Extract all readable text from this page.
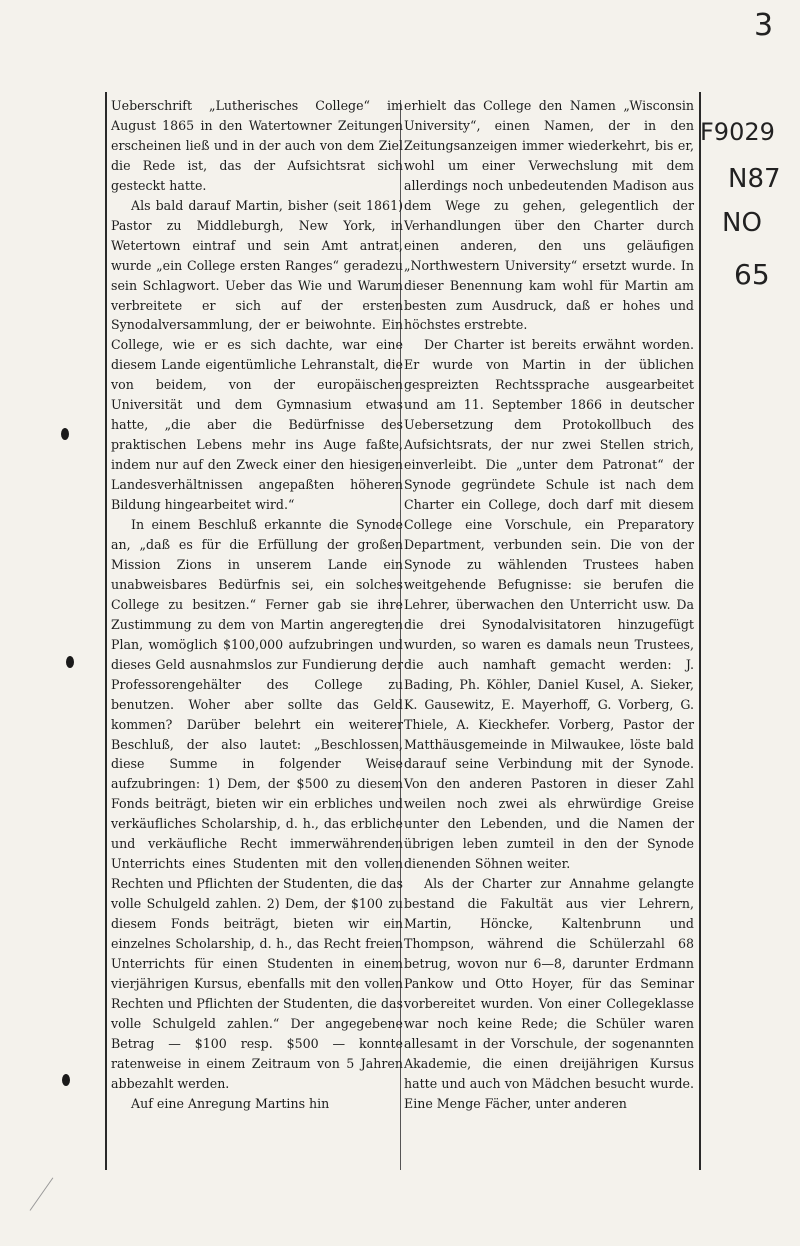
3
F9029
N87
NO
65

Ueberschrift „Lutherisches College“ im August 1865 in den Watertowner Zeitungen erscheinen ließ und in der auch von dem Ziel die Rede ist, das der Aufsichtsrat sich gesteckt hatte.

Als bald darauf Martin, bisher (seit 1861) Pastor zu Middleburgh, New York, in Wetertown eintraf und sein Amt antrat, wurde „ein College ersten Ranges“ geradezu sein Schlagwort. Ueber das Wie und Warum verbreitete er sich auf der ersten Synodalversammlung, der er beiwohnte. Ein College, wie er es sich dachte, war eine diesem Lande eigentümliche Lehranstalt, die von beidem, von der europäischen Universität und dem Gymnasium etwas hatte, „die aber die Bedürfnisse des praktischen Lebens mehr ins Auge faßte, indem nur auf den Zweck einer den hiesigen Landesverhältnissen angepaßten höheren Bildung hingearbeitet wird.“

In einem Beschluß erkannte die Synode an, „daß es für die Erfüllung der großen Mission Zions in unserem Lande ein unabweisbares Bedürfnis sei, ein solches College zu besitzen.“ Ferner gab sie ihre Zustimmung zu dem von Martin angeregten Plan, womöglich $100,000 aufzubringen und dieses Geld ausnahmslos zur Fundierung der Professorengehälter des College zu benutzen. Woher aber sollte das Geld kommen? Darüber belehrt ein weiterer Beschluß, der also lautet: „Beschlossen, diese Summe in folgender Weise aufzubringen: 1) Dem, der $500 zu diesem Fonds beiträgt, bieten wir ein erbliches und verkäufliches Scholarship, d. h., das erbliche und verkäufliche Recht immerwährenden Unterrichts eines Studenten mit den vollen Rechten und Pflichten der Studenten, die das volle Schulgeld zahlen. 2) Dem, der $100 zu diesem Fonds beiträgt, bieten wir ein einzelnes Scholarship, d. h., das Recht freien Unterrichts für einen Studenten in einem vierjährigen Kursus, ebenfalls mit den vollen Rechten und Pflichten der Studenten, die das volle Schulgeld zahlen.“ Der angegebene Betrag — $100 resp. $500 — konnte ratenweise in einem Zeitraum von 5 Jahren abbezahlt werden.

Auf eine Anregung Martins hin

erhielt das College den Namen „Wisconsin University“, einen Namen, der in den Zeitungsanzeigen immer wiederkehrt, bis er, wohl um einer Verwechslung mit dem allerdings noch unbedeutenden Madison aus dem Wege zu gehen, gelegentlich der Verhandlungen über den Charter durch einen anderen, den uns geläufigen „Northwestern University“ ersetzt wurde. In dieser Benennung kam wohl für Martin am besten zum Ausdruck, daß er hohes und höchstes erstrebte.

Der Charter ist bereits erwähnt worden. Er wurde von Martin in der üblichen gespreizten Rechtssprache ausgearbeitet und am 11. September 1866 in deutscher Uebersetzung dem Protokollbuch des Aufsichtsrats, der nur zwei Stellen strich, einverleibt. Die „unter dem Patronat“ der Synode gegründete Schule ist nach dem Charter ein College, doch darf mit diesem College eine Vorschule, ein Preparatory Department, verbunden sein. Die von der Synode zu wählenden Trustees haben weitgehende Befugnisse: sie berufen die Lehrer, überwachen den Unterricht usw. Da die drei Synodalvisitatoren hinzugefügt wurden, so waren es damals neun Trustees, die auch namhaft gemacht werden: J. Bading, Ph. Köhler, Daniel Kusel, A. Sieker, K. Gausewitz, E. Mayerhoff, G. Vorberg, G. Thiele, A. Kieckhefer. Vorberg, Pastor der Matthäusgemeinde in Milwaukee, löste bald darauf seine Verbindung mit der Synode. Von den anderen Pastoren in dieser Zahl weilen noch zwei als ehrwürdige Greise unter den Lebenden, und die Namen der übrigen leben zumteil in den der Synode dienenden Söhnen weiter.

Als der Charter zur Annahme gelangte bestand die Fakultät aus vier Lehrern, Martin, Höncke, Kaltenbrunn und Thompson, während die Schülerzahl 68 betrug, wovon nur 6—8, darunter Erdmann Pankow und Otto Hoyer, für das Seminar vorbereitet wurden. Von einer Collegeklasse war noch keine Rede; die Schüler waren allesamt in der Vorschule, der sogenannten Akademie, die einen dreijährigen Kursus hatte und auch von Mädchen besucht wurde. Eine Menge Fächer, unter anderen
